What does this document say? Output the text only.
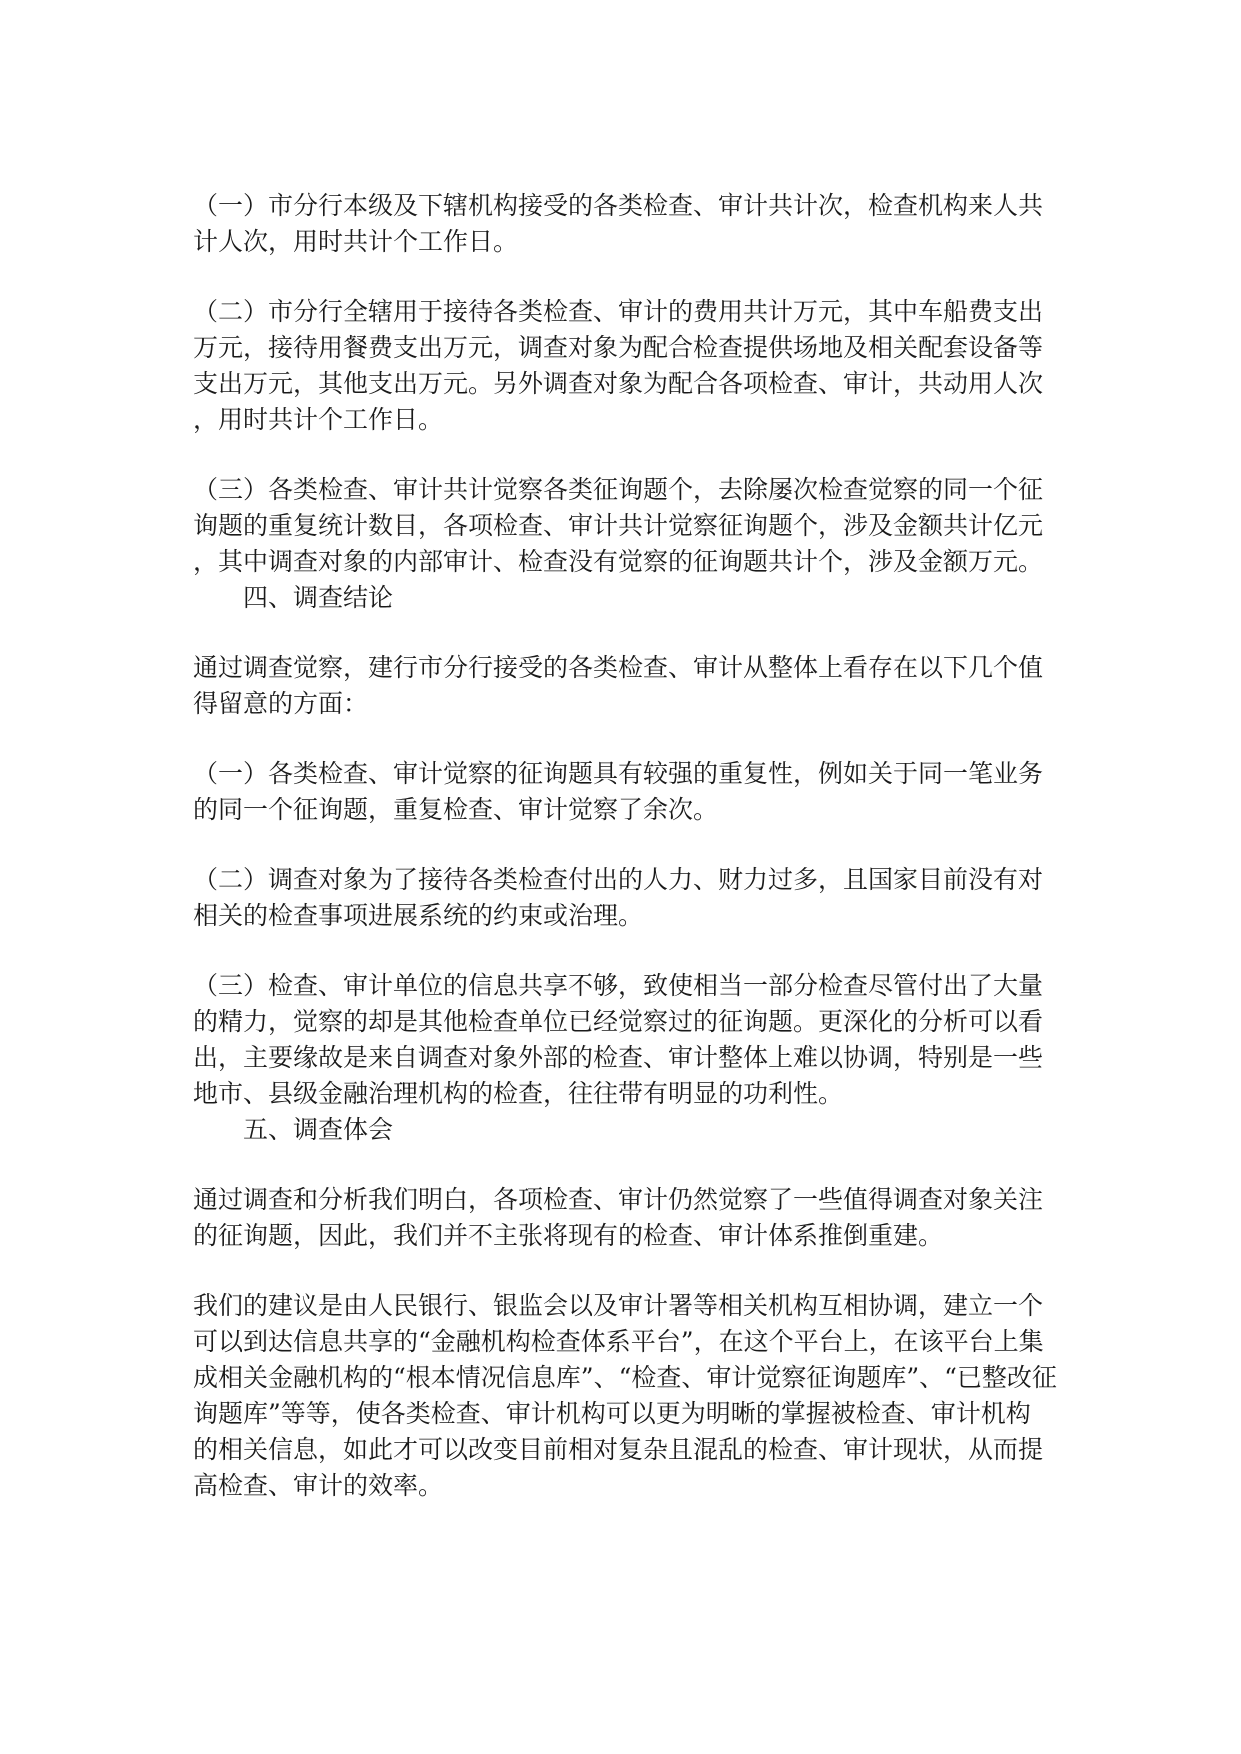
（一）市分行本级及下辖机构接受的各类检查、审计共计次，检查机构来人共
计人次，用时共计个工作日。
（二）市分行全辖用于接待各类检查、审计的费用共计万元，其中车船费支出
万元，接待用餐费支出万元，调查对象为配合检查提供场地及相关配套设备等
支出万元，其他支出万元。另外调查对象为配合各项检查、审计，共动用人次
，用时共计个工作日。
（三）各类检查、审计共计觉察各类征询题个，去除屡次检查觉察的同一个征
询题的重复统计数目，各项检查、审计共计觉察征询题个，涉及金额共计亿元
，其中调查对象的内部审计、检查没有觉察的征询题共计个，涉及金额万元。
四、调查结论
通过调查觉察，建行市分行接受的各类检查、审计从整体上看存在以下几个值
得留意的方面：
（一）各类检查、审计觉察的征询题具有较强的重复性，例如关于同一笔业务
的同一个征询题，重复检查、审计觉察了余次。
（二）调查对象为了接待各类检查付出的人力、财力过多，且国家目前没有对
相关的检查事项进展系统的约束或治理。
（三）检查、审计单位的信息共享不够，致使相当一部分检查尽管付出了大量
的精力，觉察的却是其他检查单位已经觉察过的征询题。更深化的分析可以看
出，主要缘故是来自调查对象外部的检查、审计整体上难以协调，特别是一些
地市、县级金融治理机构的检查，往往带有明显的功利性。
五、调查体会
通过调查和分析我们明白，各项检查、审计仍然觉察了一些值得调查对象关注
的征询题，因此，我们并不主张将现有的检查、审计体系推倒重建。
我们的建议是由人民银行、银监会以及审计署等相关机构互相协调，建立一个
可以到达信息共享的“金融机构检查体系平台”，在这个平台上，在该平台上集
成相关金融机构的“根本情况信息库”、“检查、审计觉察征询题库”、“已整改征
询题库”等等，使各类检查、审计机构可以更为明晰的掌握被检查、审计机构
的相关信息，如此才可以改变目前相对复杂且混乱的检查、审计现状，从而提
高检查、审计的效率。
